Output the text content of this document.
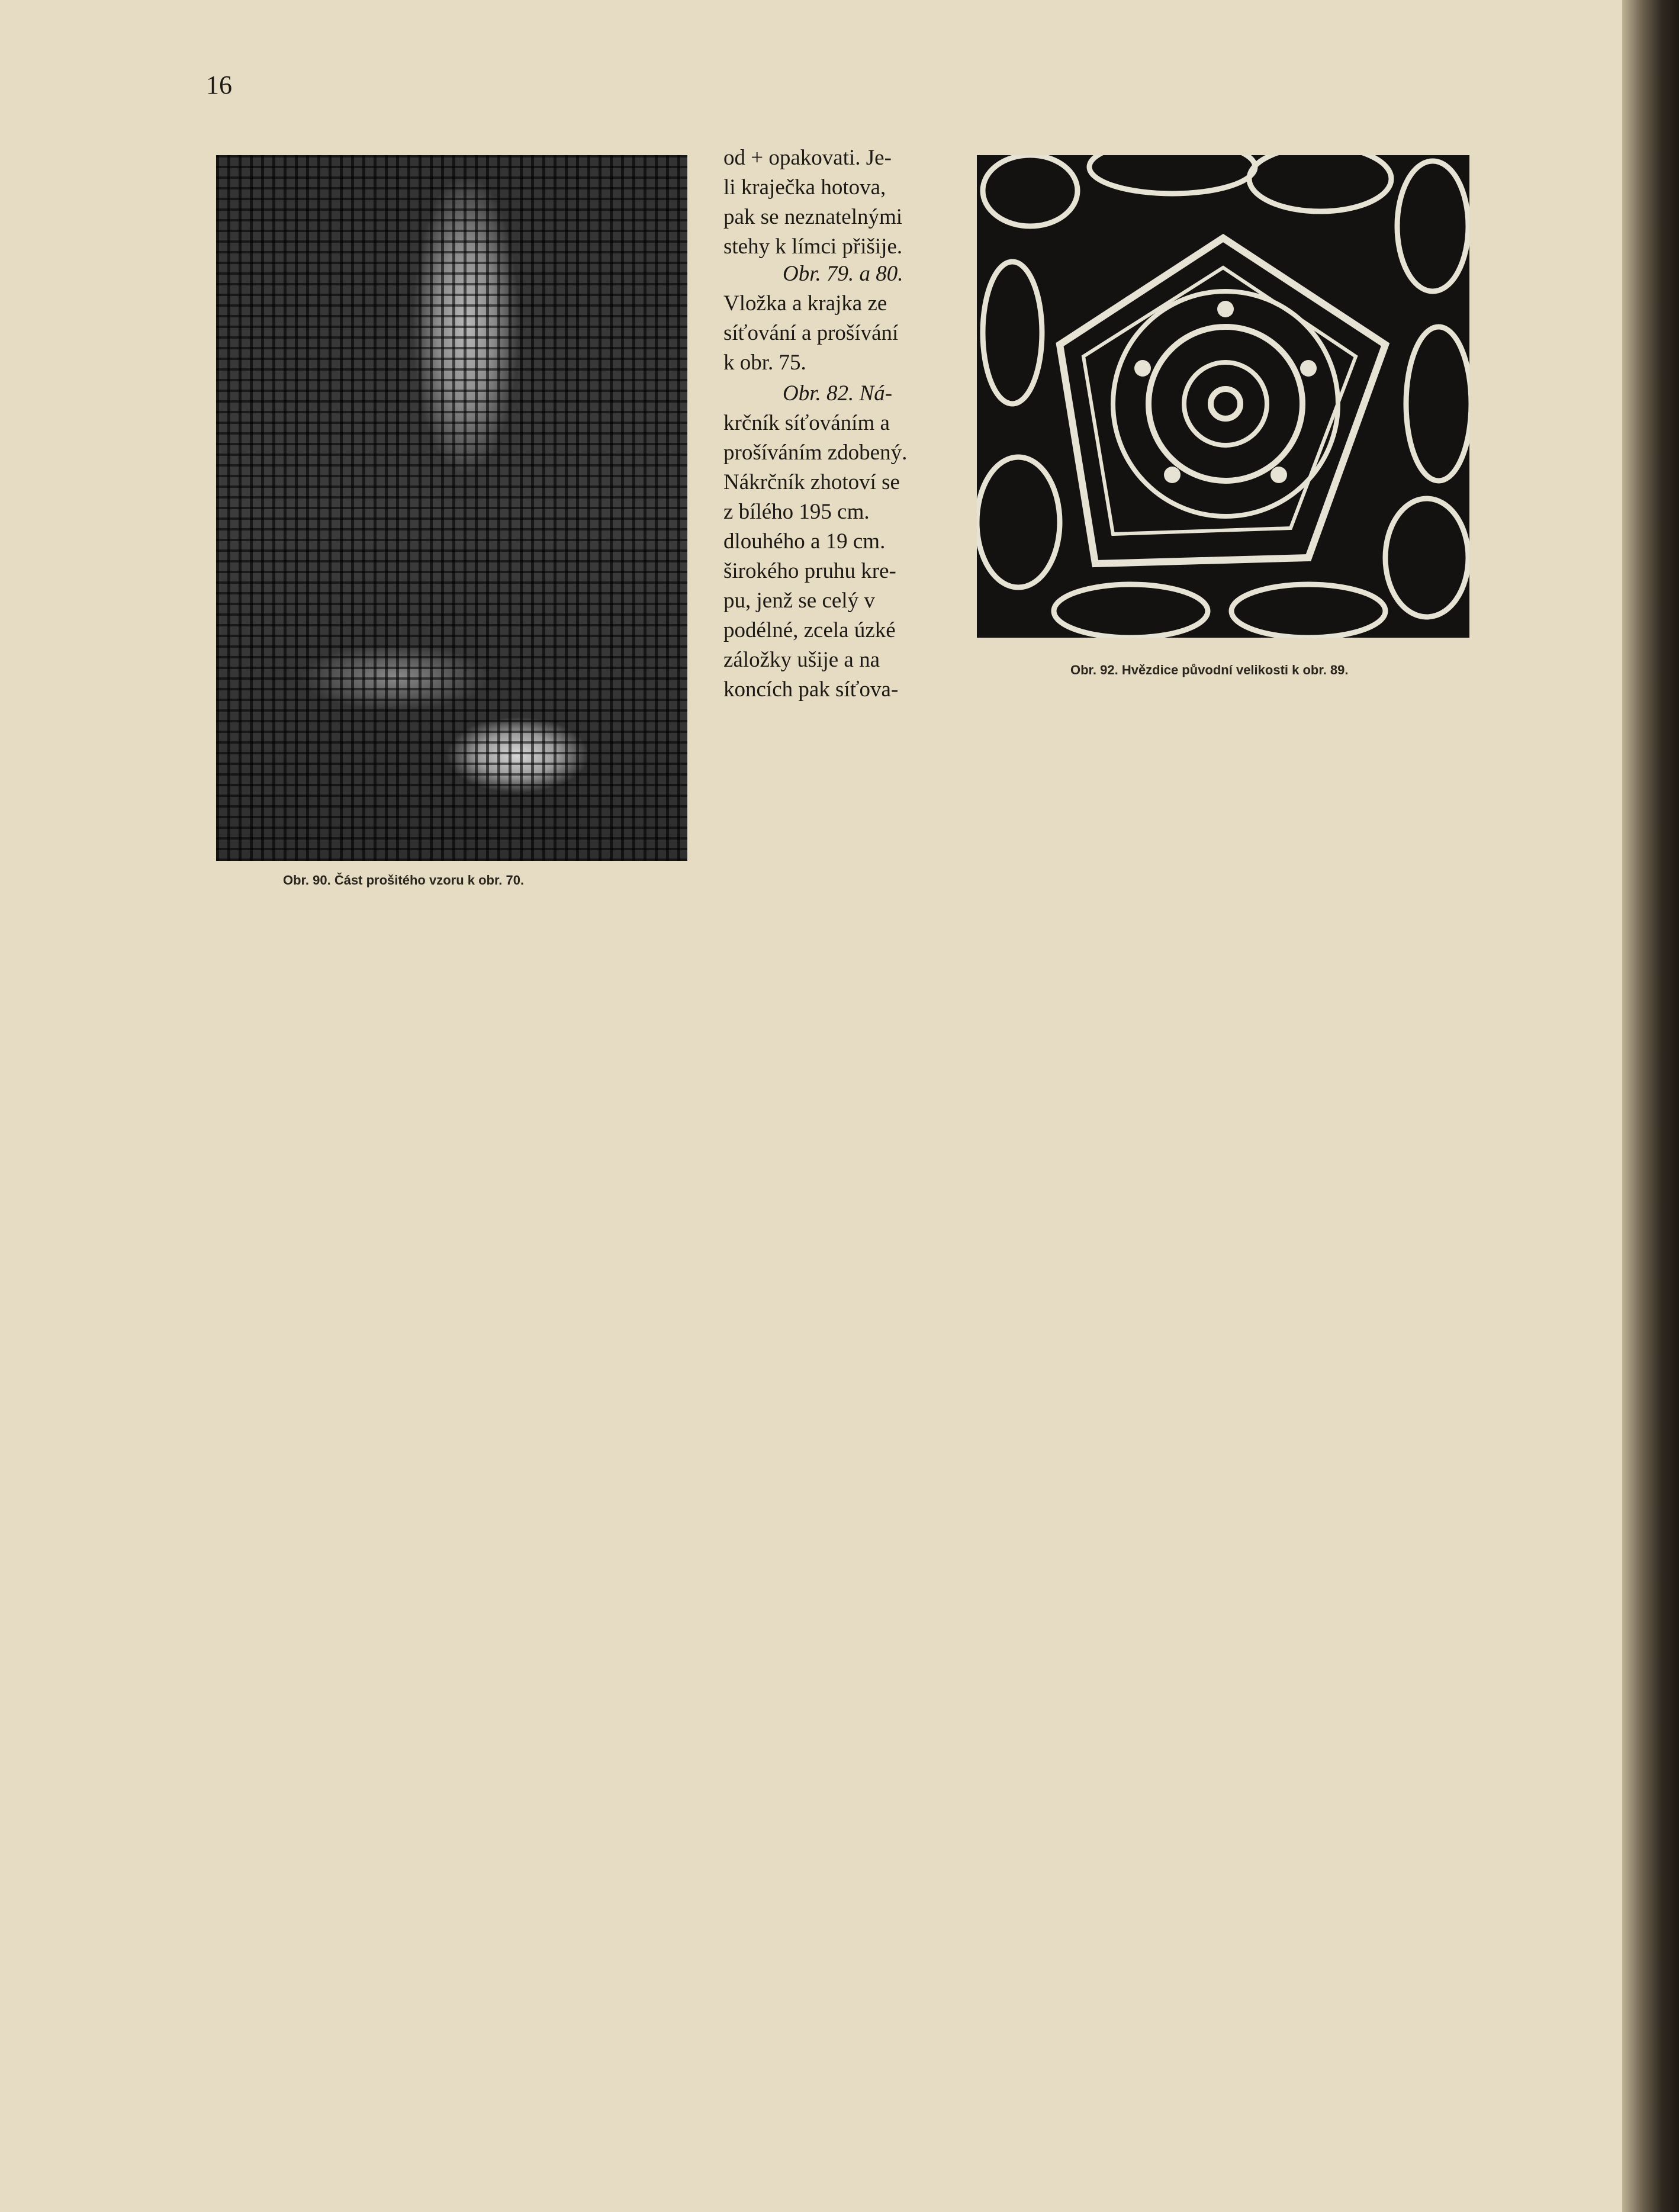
16
Obr. 90. Část prošitého vzoru k obr. 70.
Obr. 92. Hvězdice původní velikosti k obr. 89.
od + opakovati. Je-
li kraječka hotova,
pak se neznatelnými
stehy k límci přišije.
Obr. 79. a 80.
Vložka a krajka ze
síťování a prošívání
k obr. 75.
Obr. 82. Ná-
krčník síťováním a
prošíváním zdobený.
Nákrčník zhotoví se
z bílého 195 cm.
dlouhého a 19 cm.
širokého pruhu kre-
pu, jenž se celý v
podélné, zcela úzké
záložky ušije a na
koncích pak síťova-
